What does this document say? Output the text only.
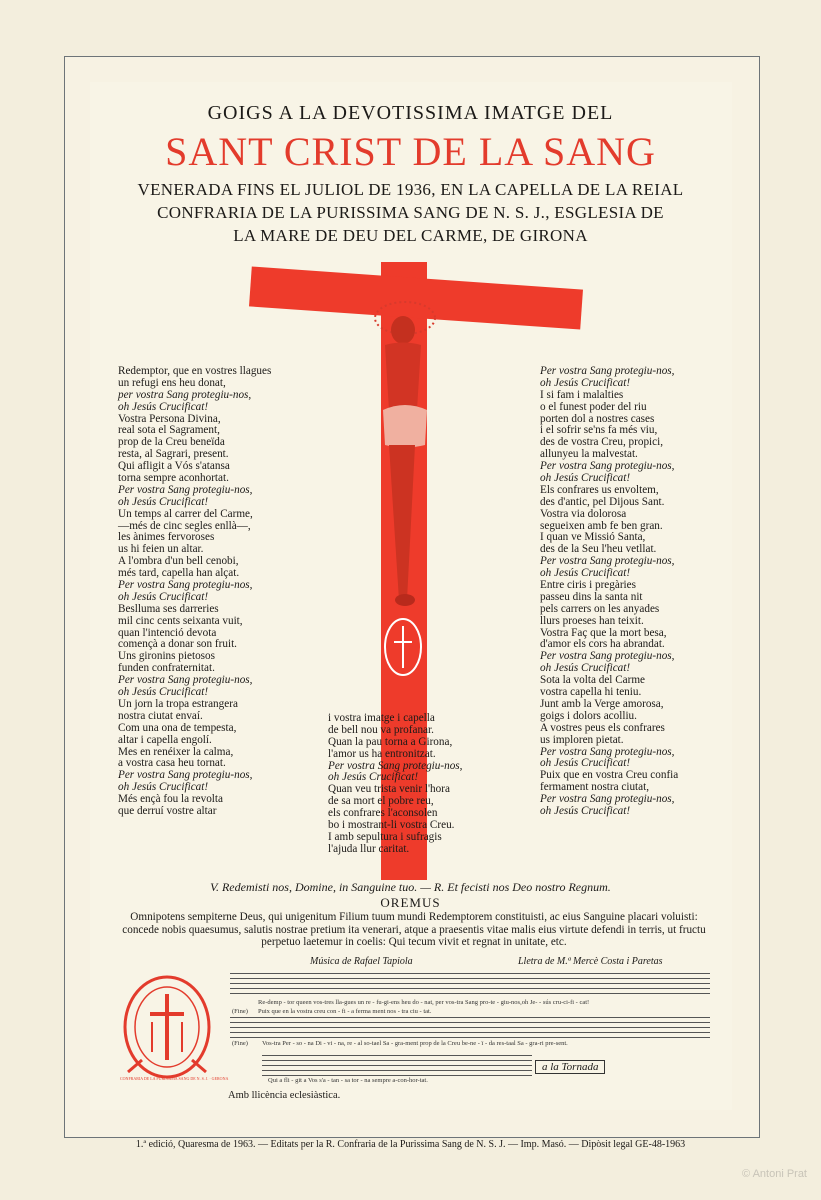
GOIGS A LA DEVOTISSIMA IMATGE DEL
SANT CRIST DE LA SANG
VENERADA FINS EL JULIOL DE 1936, EN LA CAPELLA DE LA REIAL
CONFRARIA DE LA PURISSIMA SANG DE N. S. J., ESGLESIA DE
LA MARE DE DEU DEL CARME, DE GIRONA
Redemptor, que en vostres llagues
un refugi ens heu donat,
per vostra Sang protegiu-nos,
oh Jesús Crucificat!
Vostra Persona Divina,
real sota el Sagrament,
prop de la Creu beneïda
resta, al Sagrari, present.
Qui afligit a Vós s'atansa
torna sempre aconhortat.
Per vostra Sang protegiu-nos,
oh Jesús Crucificat!
Un temps al carrer del Carme,
—més de cinc segles enllà—,
les ànimes fervoroses
us hi feien un altar.
A l'ombra d'un bell cenobi,
més tard, capella han alçat.
Per vostra Sang protegiu-nos,
oh Jesús Crucificat!
Beslluma ses darreries
mil cinc cents seixanta vuit,
quan l'intenció devota
començà a donar son fruit.
Uns gironins pietosos
funden confraternitat.
Per vostra Sang protegiu-nos,
oh Jesús Crucificat!
Un jorn la tropa estrangera
nostra ciutat envaí.
Com una ona de tempesta,
altar i capella engolí.
Mes en renéixer la calma,
a vostra casa heu tornat.
Per vostra Sang protegiu-nos,
oh Jesús Crucificat!
Més ençà fou la revolta
que derruí vostre altar
i vostra imatge i capella
de bell nou va profanar.
Quan la pau torna a Girona,
l'amor us ha entronitzat.
Per vostra Sang protegiu-nos,
oh Jesús Crucificat!
Quan veu trista venir l'hora
de sa mort el pobre reu,
els confrares l'aconsolen
bo i mostrant-li vostra Creu.
I amb sepultura i sufragis
l'ajuda llur caritat.
Per vostra Sang protegiu-nos,
oh Jesús Crucificat!
I si fam i malalties
o el funest poder del riu
porten dol a nostres cases
i el sofrir se'ns fa més viu,
des de vostra Creu, propici,
allunyeu la malvestat.
Per vostra Sang protegiu-nos,
oh Jesús Crucificat!
Els confrares us envoltem,
des d'antic, pel Dijous Sant.
Vostra via dolorosa
segueixen amb fe ben gran.
I quan ve Missió Santa,
des de la Seu l'heu vetllat.
Per vostra Sang protegiu-nos,
oh Jesús Crucificat!
Entre ciris i pregàries
passeu dins la santa nit
pels carrers on les anyades
llurs proeses han teixit.
Vostra Faç que la mort besa,
d'amor els cors ha abrandat.
Per vostra Sang protegiu-nos,
oh Jesús Crucificat!
Sota la volta del Carme
vostra capella hi teniu.
Junt amb la Verge amorosa,
goigs i dolors acolliu.
A vostres peus els confrares
us imploren pietat.
Per vostra Sang protegiu-nos,
oh Jesús Crucificat!
Puix que en vostra Creu confia
fermament nostra ciutat,
Per vostra Sang protegiu-nos,
oh Jesús Crucificat!
V. Redemisti nos, Domine, in Sanguine tuo. — R. Et fecisti nos Deo nostro Regnum.
OREMUS
Omnipotens sempiterne Deus, qui unigenitum Filium tuum mundi Redemptorem constituisti, ac eius Sanguine placari voluisti: concede nobis quaesumus, salutis nostrae pretium ita venerari, atque a praesentis vitae malis eius virtute defendi in terris, ut fructu perpetuo laetemur in coelis: Qui tecum vivit et regnat in unitate, etc.
CONFRARIA DE LA PURISSIMA SANG DE N. S. J. · GERONA
Música de Rafael Tapiola	Lletra de M.ª Mercè Costa i Paretas
Re-demp - tor queen vos-tres lla-gues un re - fu-gi-ens heu do - nat, per vos-tra Sang pro-te - giu-nos,oh Je- - sús cru-ci-fi - cat!
(Fine) Puix que en la vostra creu con - fi - a ferma ment nos - tra ciu - tat.
(Fine) Vos-tra Per - so - na Di - vi - na, re - al so-tael Sa - gra-ment prop de la Creu be-ne - ï - da res-taal Sa - gra-ri pre-sent.
a la Tornada
Qui a fli - git a Vos s'a - tan - sa tor - na sempre a-con-hor-tat.
Amb llicència eclesiàstica.
1.ª edició, Quaresma de 1963. — Editats per la R. Confraria de la Purissima Sang de N. S. J. — Imp. Masó. — Dipòsit legal GE-48-1963
© Antoni Prat
